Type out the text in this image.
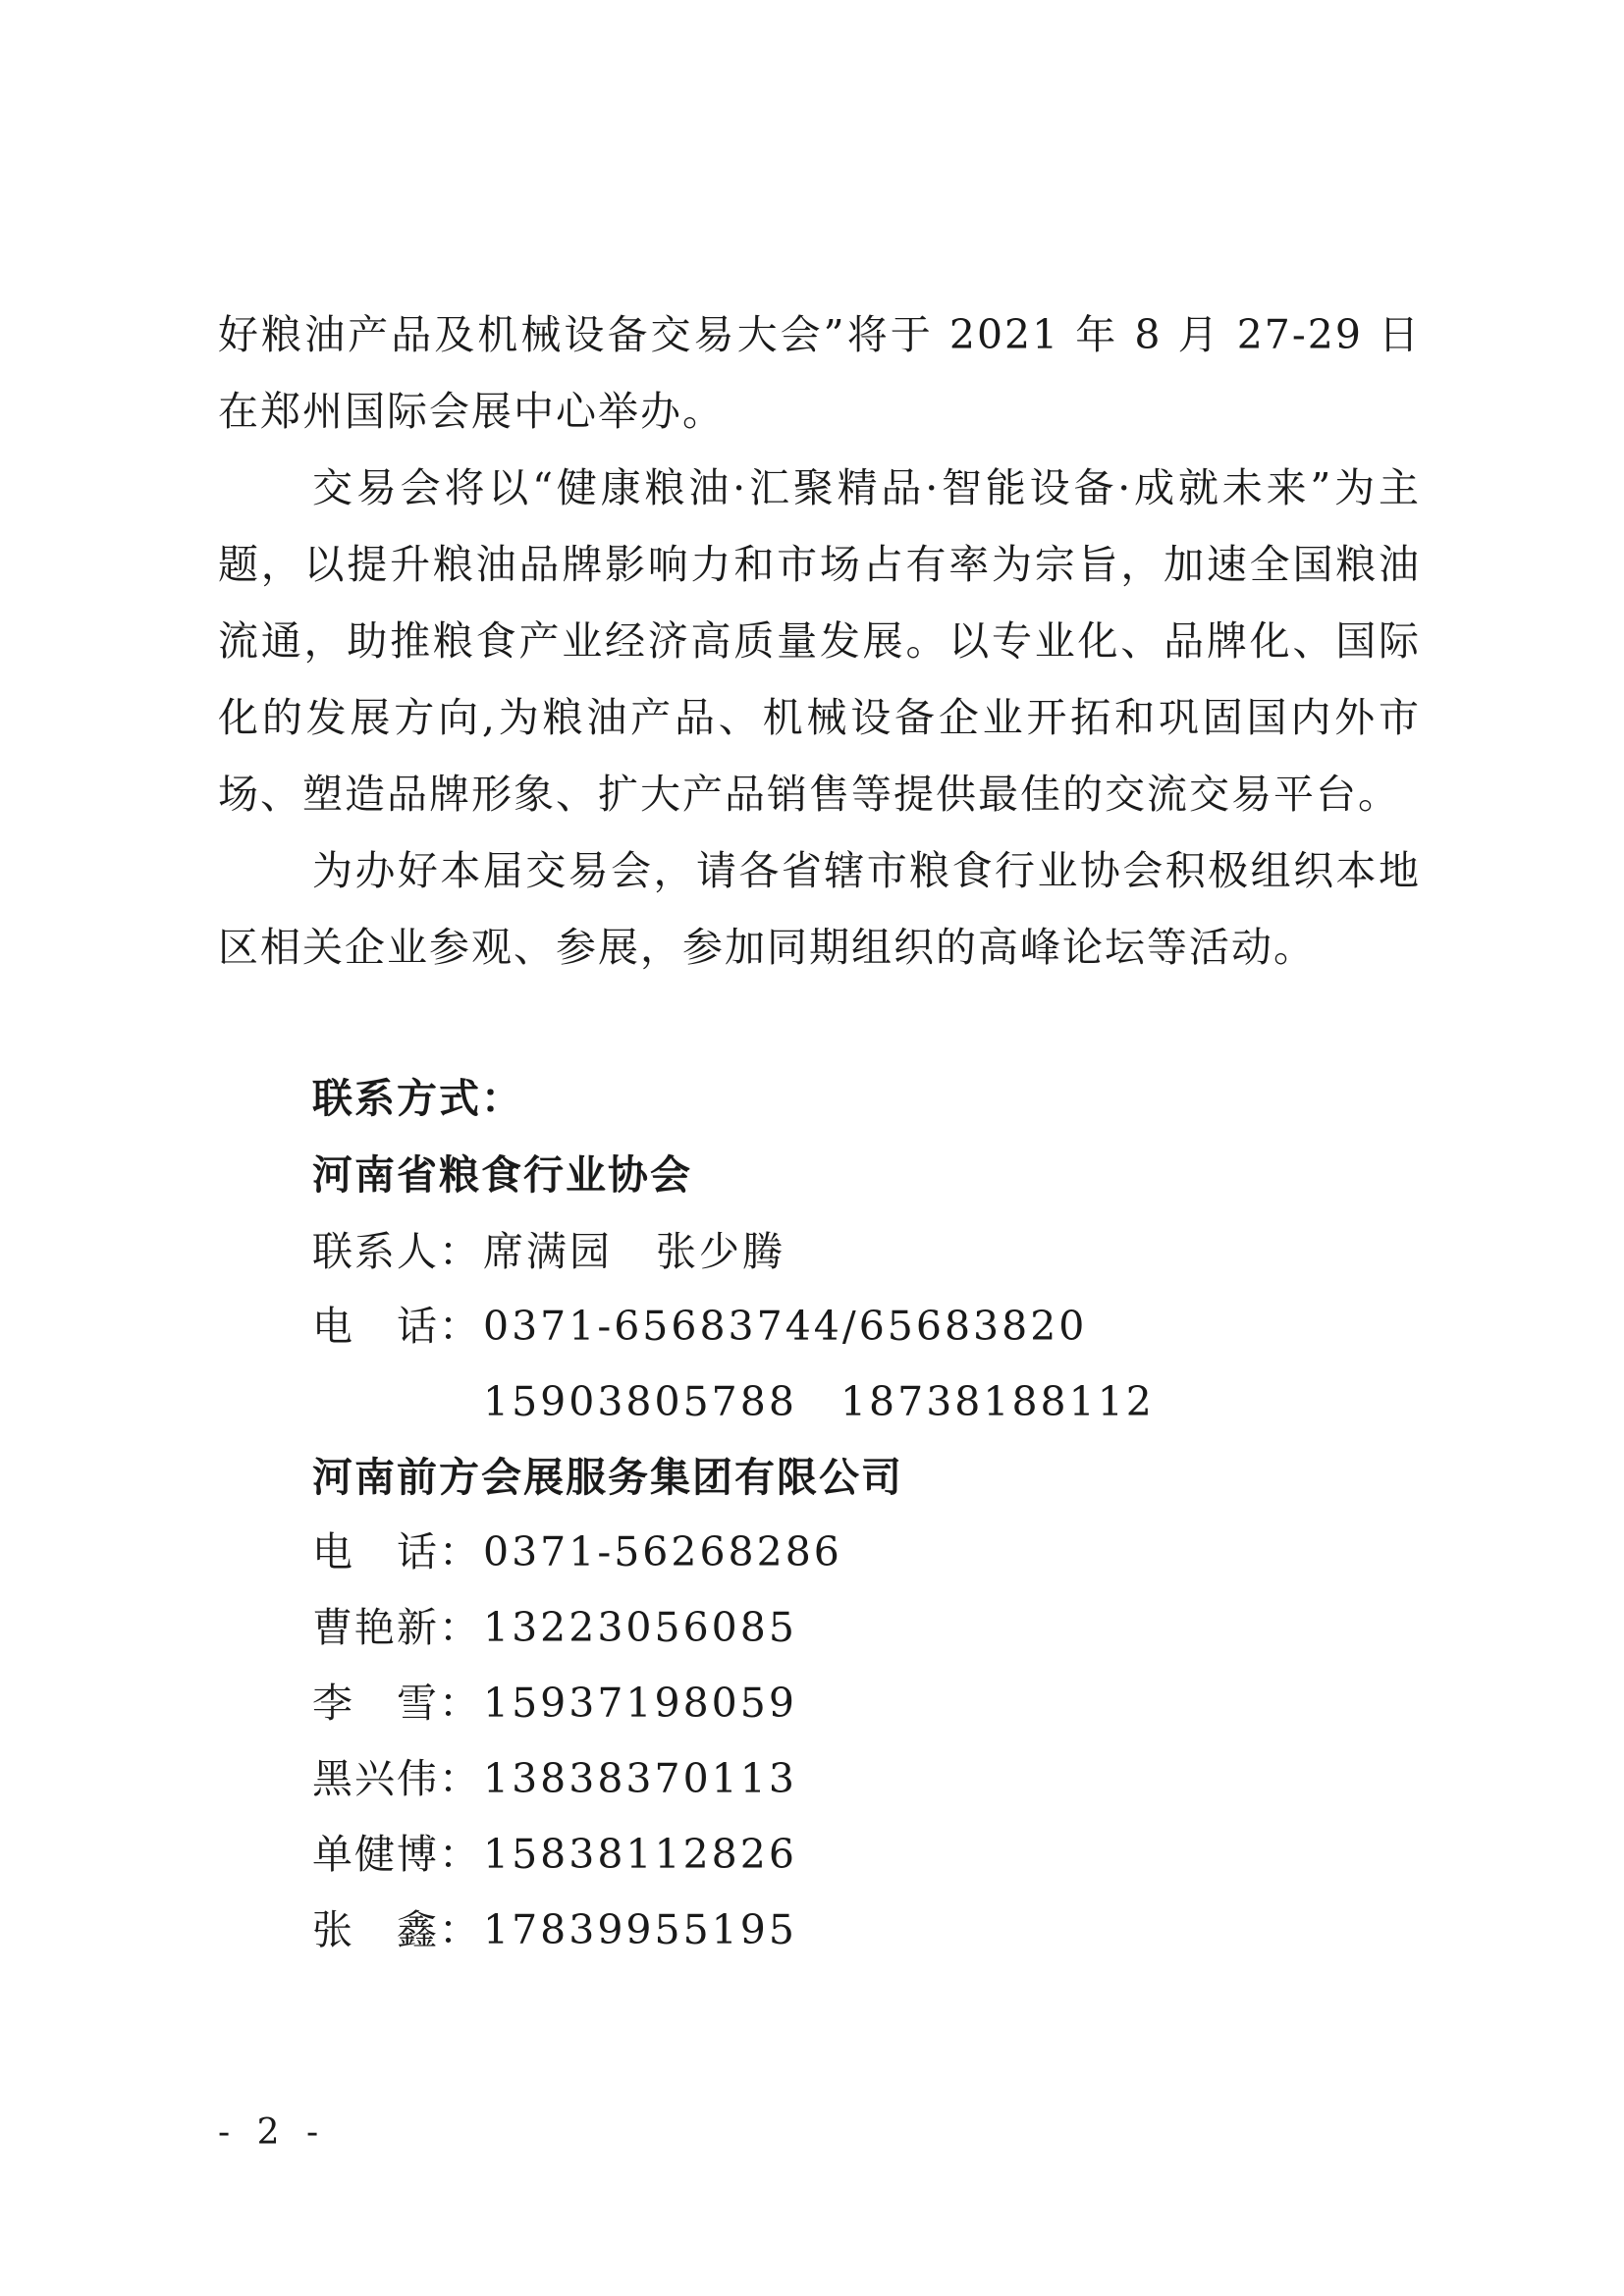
好粮油产品及机械设备交易大会”将于 2021 年 8 月 27-29 日在郑州国际会展中心举办。

交易会将以“健康粮油·汇聚精品·智能设备·成就未来”为主题，以提升粮油品牌影响力和市场占有率为宗旨，加速全国粮油流通，助推粮食产业经济高质量发展。以专业化、品牌化、国际化的发展方向,为粮油产品、机械设备企业开拓和巩固国内外市场、塑造品牌形象、扩大产品销售等提供最佳的交流交易平台。

为办好本届交易会，请各省辖市粮食行业协会积极组织本地区相关企业参观、参展，参加同期组织的高峰论坛等活动。

联系方式：
河南省粮食行业协会
联系人：席满园　张少腾
电　话：0371-65683744/65683820
15903805788　18738188112
河南前方会展服务集团有限公司
电　话：0371-56268286
曹艳新：13223056085
李　雪：15937198059
黑兴伟：13838370113
单健博：15838112826
张　鑫：17839955195
- 2 -
